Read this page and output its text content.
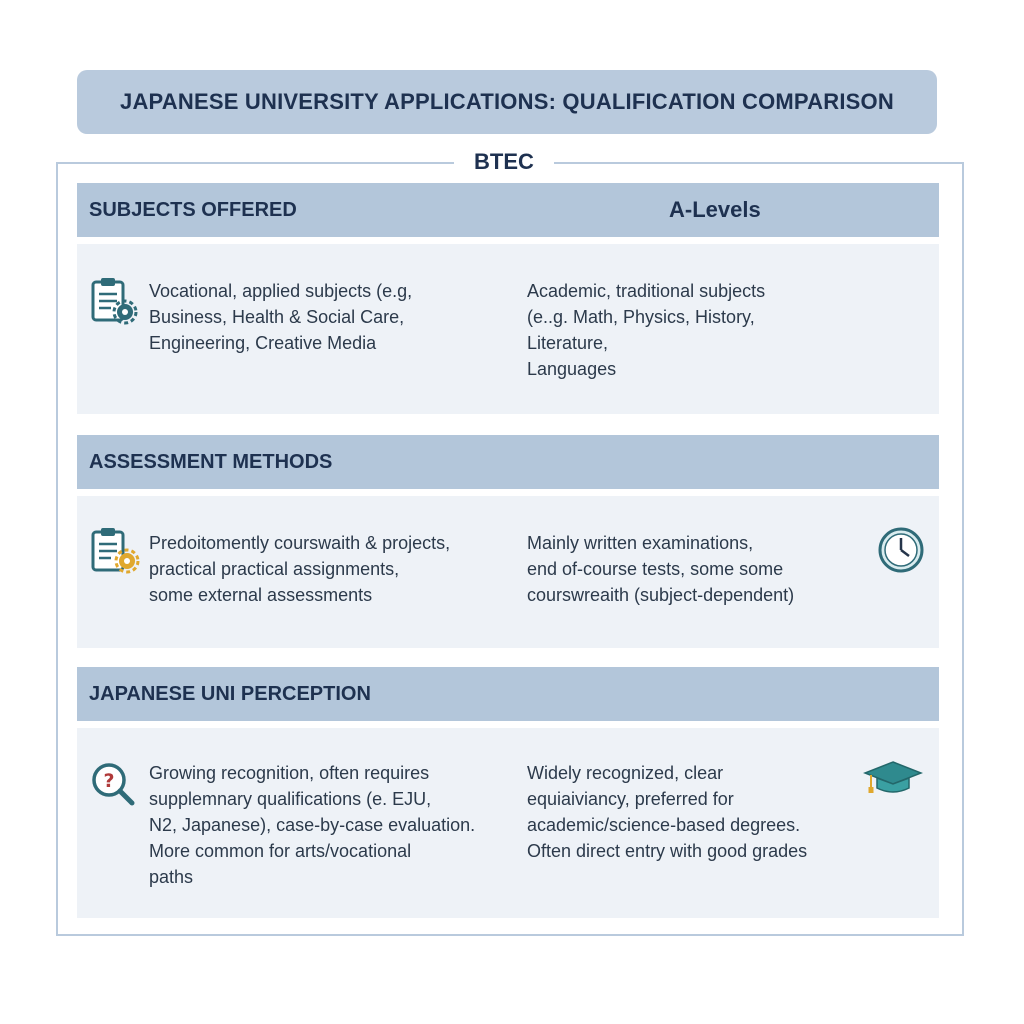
JAPANESE UNIVERSITY APPLICATIONS: QUALIFICATION COMPARISON
BTEC
SUBJECTS OFFERED	A-Levels
Vocational, applied subjects (e.g,
Business, Health & Social Care,
Engineering, Creative Media
Academic, traditional subjects
(e..g. Math, Physics, History,
Literature,
Languages
ASSESSMENT METHODS
Predoitomently courswaith & projects,
practical practical assignments,
some external assessments
Mainly written examinations,
end of-course tests, some some
courswreaith (subject-dependent)
JAPANESE UNI PERCEPTION
? Growing recognition, often requires
supplemnary qualifications (e. EJU,
N2, Japanese), case-by-case evaluation.
More common for arts/vocational
paths
Widely recognized, clear
equiaiviancy, preferred for
academic/science-based degrees.
Often direct entry with good grades
